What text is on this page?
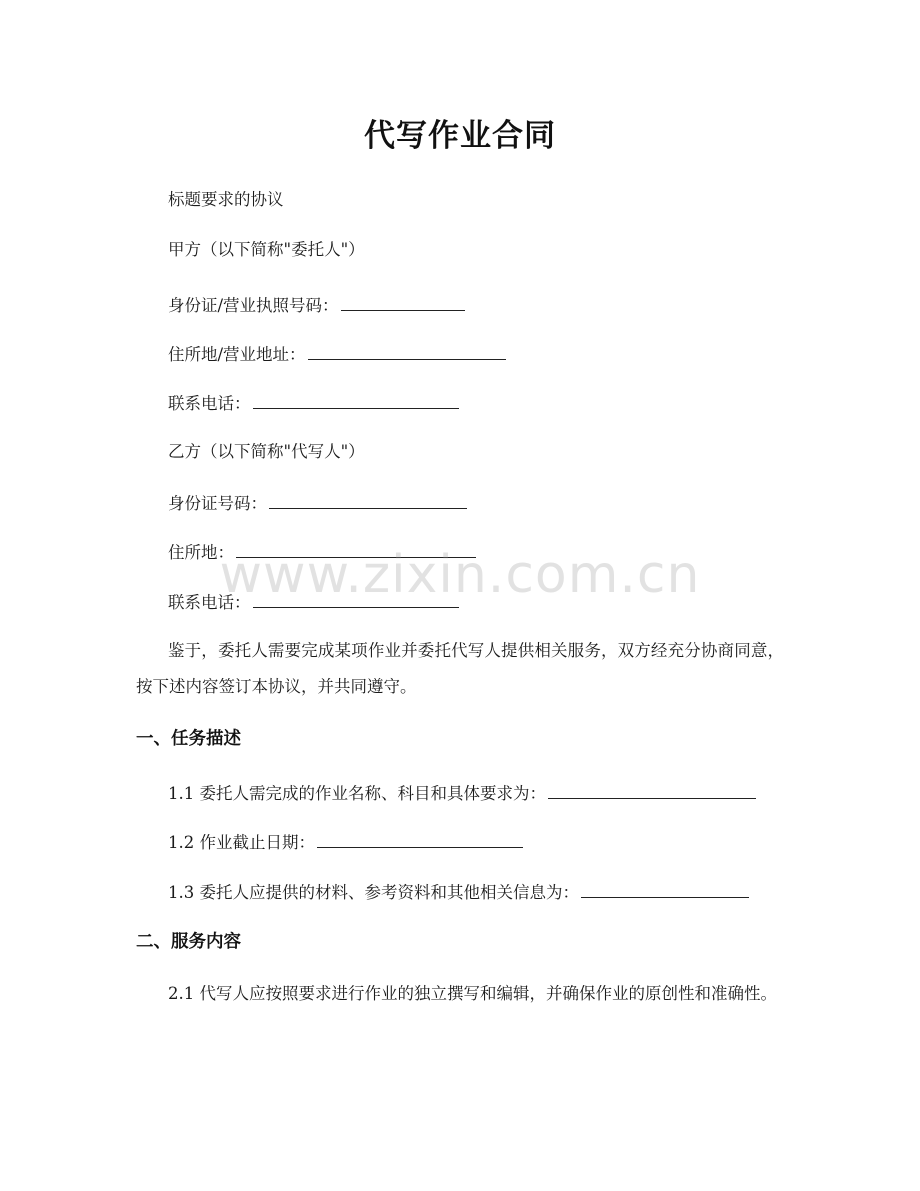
代写作业合同
标题要求的协议
甲方（以下简称"委托人"）
身份证/营业执照号码：
住所地/营业地址：
联系电话：
乙方（以下简称"代写人"）
身份证号码：
住所地：
联系电话：
鉴于，委托人需要完成某项作业并委托代写人提供相关服务，双方经充分协商同意，按下述内容签订本协议，并共同遵守。
一、任务描述
1.1 委托人需完成的作业名称、科目和具体要求为：
1.2 作业截止日期：
1.3 委托人应提供的材料、参考资料和其他相关信息为：
二、服务内容
2.1 代写人应按照要求进行作业的独立撰写和编辑，并确保作业的原创性和准确性。
www.zixin.com.cn
